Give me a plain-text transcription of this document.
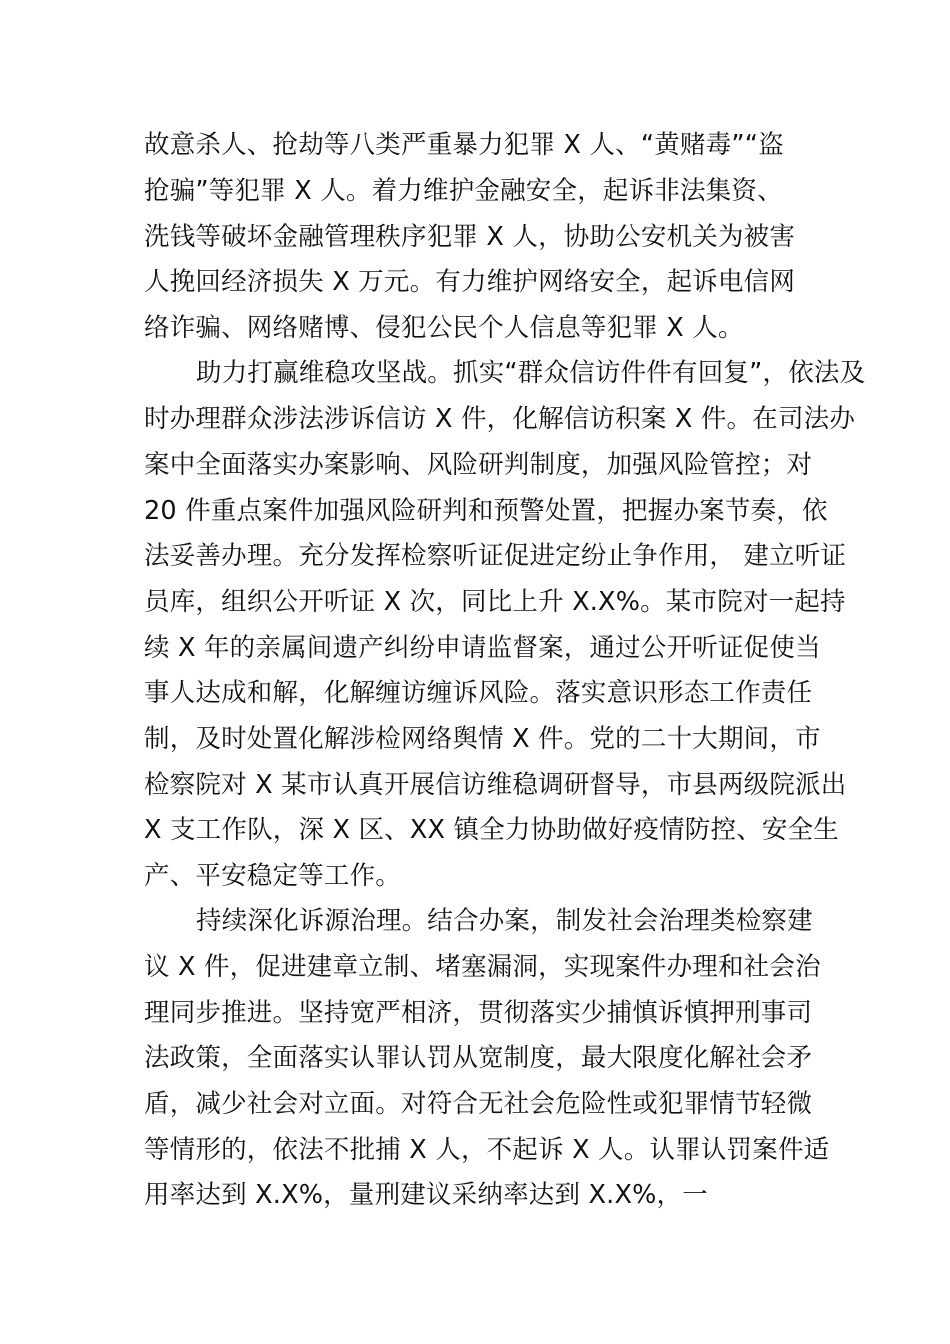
故意杀人、抢劫等八类严重暴力犯罪 X 人、“黄赌毒”“盗
抢骗”等犯罪 X 人。着力维护金融安全，起诉非法集资、
洗钱等破坏金融管理秩序犯罪 X 人，协助公安机关为被害
人挽回经济损失 X 万元。有力维护网络安全，起诉电信网
络诈骗、网络赌博、侵犯公民个人信息等犯罪 X 人。
助力打赢维稳攻坚战。抓实“群众信访件件有回复”，依法及
时办理群众涉法涉诉信访 X 件，化解信访积案 X 件。在司法办
案中全面落实办案影响、风险研判制度，加强风险管控；对
20 件重点案件加强风险研判和预警处置，把握办案节奏，依
法妥善办理。充分发挥检察听证促进定纷止争作用， 建立听证
员库，组织公开听证 X 次，同比上升 X.X%。某市院对一起持
续 X 年的亲属间遗产纠纷申请监督案，通过公开听证促使当
事人达成和解，化解缠访缠诉风险。落实意识形态工作责任
制，及时处置化解涉检网络舆情 X 件。党的二十大期间，市
检察院对 X 某市认真开展信访维稳调研督导，市县两级院派出
X 支工作队，深 X 区、XX 镇全力协助做好疫情防控、安全生
产、平安稳定等工作。
持续深化诉源治理。结合办案，制发社会治理类检察建
议 X 件，促进建章立制、堵塞漏洞，实现案件办理和社会治
理同步推进。坚持宽严相济，贯彻落实少捕慎诉慎押刑事司
法政策，全面落实认罪认罚从宽制度，最大限度化解社会矛
盾，减少社会对立面。对符合无社会危险性或犯罪情节轻微
等情形的，依法不批捕 X 人，不起诉 X 人。认罪认罚案件适
用率达到 X.X%，量刑建议采纳率达到 X.X%，一
